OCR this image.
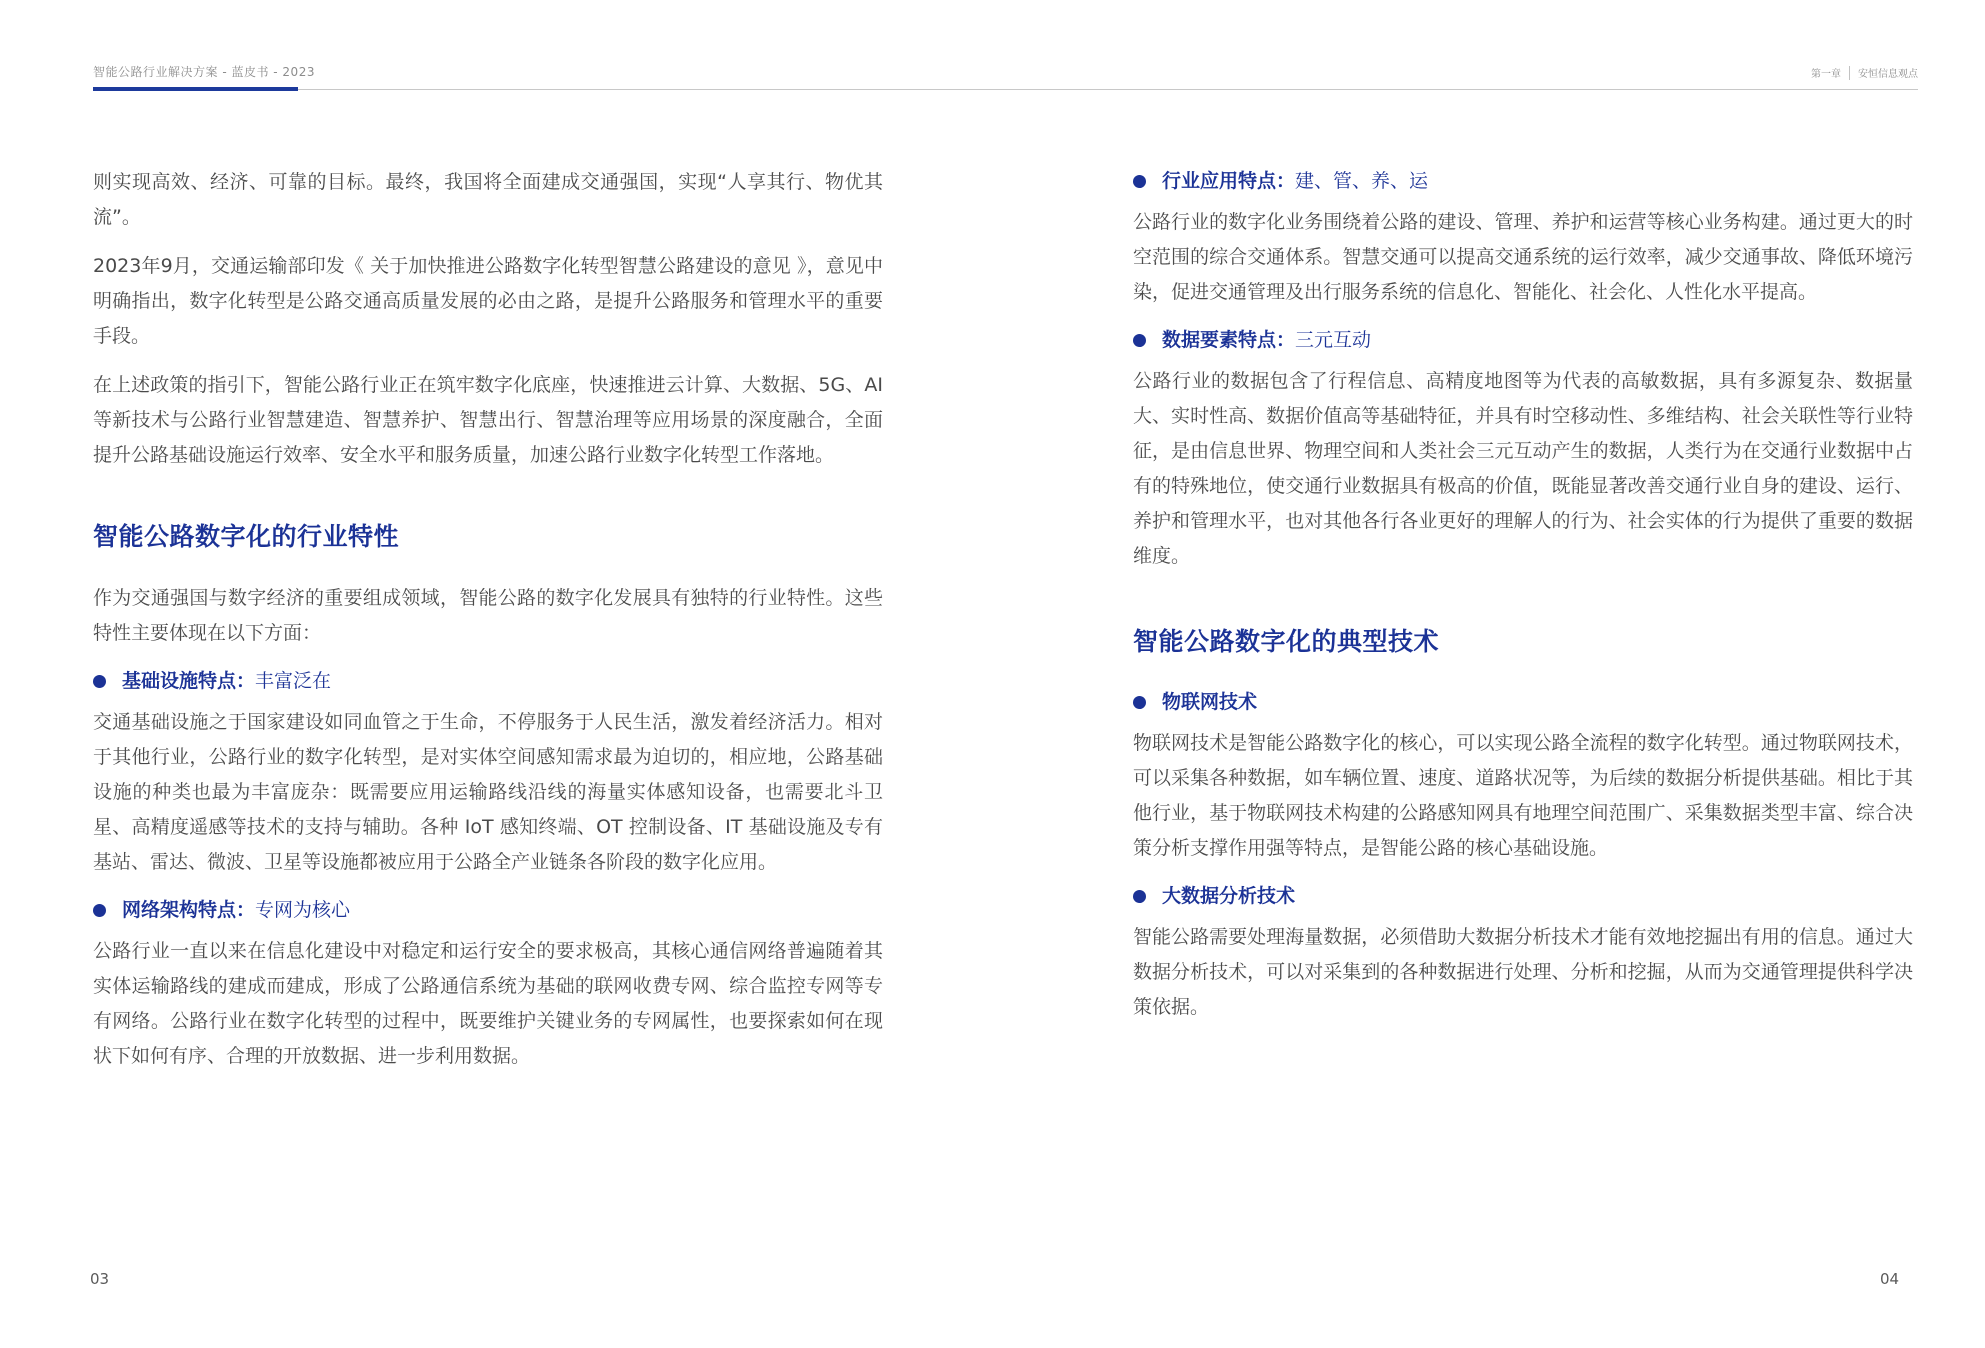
智能公路行业解决方案 - 蓝皮书 - 2023	第一章 安恒信息观点

则实现高效、经济、可靠的目标。最终，我国将全面建成交通强国，实现“人享其行、物优其流”。

2023年9月，交通运输部印发《 关于加快推进公路数字化转型智慧公路建设的意见 》，意见中明确指出，数字化转型是公路交通高质量发展的必由之路，是提升公路服务和管理水平的重要手段。

在上述政策的指引下，智能公路行业正在筑牢数字化底座，快速推进云计算、大数据、5G、AI等新技术与公路行业智慧建造、智慧养护、智慧出行、智慧治理等应用场景的深度融合，全面提升公路基础设施运行效率、安全水平和服务质量，加速公路行业数字化转型工作落地。

智能公路数字化的行业特性

作为交通强国与数字经济的重要组成领域，智能公路的数字化发展具有独特的行业特性。这些特性主要体现在以下方面：

基础设施特点： 丰富泛在

交通基础设施之于国家建设如同血管之于生命，不停服务于人民生活，激发着经济活力。相对于其他行业，公路行业的数字化转型，是对实体空间感知需求最为迫切的，相应地，公路基础设施的种类也最为丰富庞杂：既需要应用运输路线沿线的海量实体感知设备，也需要北斗卫星、高精度遥感等技术的支持与辅助。各种 IoT 感知终端、OT 控制设备、IT 基础设施及专有基站、雷达、微波、卫星等设施都被应用于公路全产业链条各阶段的数字化应用。

网络架构特点： 专网为核心

公路行业一直以来在信息化建设中对稳定和运行安全的要求极高，其核心通信网络普遍随着其实体运输路线的建成而建成，形成了公路通信系统为基础的联网收费专网、综合监控专网等专有网络。公路行业在数字化转型的过程中，既要维护关键业务的专网属性，也要探索如何在现状下如何有序、合理的开放数据、进一步利用数据。

行业应用特点： 建、管、养、运

公路行业的数字化业务围绕着公路的建设、管理、养护和运营等核心业务构建。通过更大的时空范围的综合交通体系。智慧交通可以提高交通系统的运行效率，减少交通事故、降低环境污染，促进交通管理及出行服务系统的信息化、智能化、社会化、人性化水平提高。

数据要素特点： 三元互动

公路行业的数据包含了行程信息、高精度地图等为代表的高敏数据，具有多源复杂、数据量大、实时性高、数据价值高等基础特征，并具有时空移动性、多维结构、社会关联性等行业特征，是由信息世界、物理空间和人类社会三元互动产生的数据，人类行为在交通行业数据中占有的特殊地位，使交通行业数据具有极高的价值，既能显著改善交通行业自身的建设、运行、养护和管理水平，也对其他各行各业更好的理解人的行为、社会实体的行为提供了重要的数据维度。

智能公路数字化的典型技术
物联网技术

物联网技术是智能公路数字化的核心，可以实现公路全流程的数字化转型。通过物联网技术，可以采集各种数据，如车辆位置、速度、道路状况等，为后续的数据分析提供基础。相比于其他行业，基于物联网技术构建的公路感知网具有地理空间范围广、采集数据类型丰富、综合决策分析支撑作用强等特点，是智能公路的核心基础设施。

大数据分析技术

智能公路需要处理海量数据，必须借助大数据分析技术才能有效地挖掘出有用的信息。通过大数据分析技术，可以对采集到的各种数据进行处理、分析和挖掘，从而为交通管理提供科学决策依据。

03	04
